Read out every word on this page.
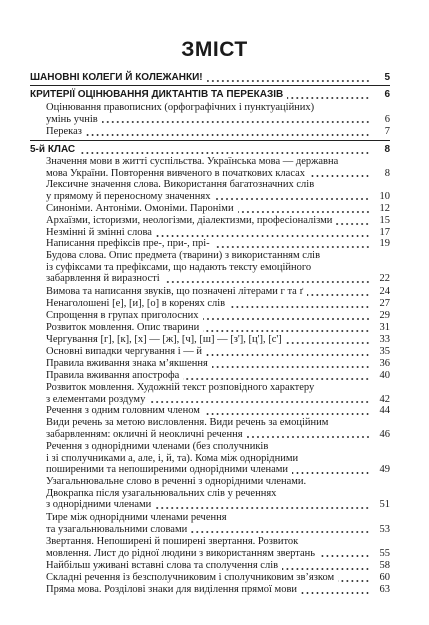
ЗМІСТ
ШАНОВНІ КОЛЕГИ Й КОЛЕЖАНКИ!	5
КРИТЕРІЇ ОЦІНЮВАННЯ ДИКТАНТІВ ТА ПЕРЕКАЗІВ	6
Оцінювання правописних (орфографічних і пунктуаційних)
умінь учнів	6
Переказ	7
5-й КЛАС	8
Значення мови в житті суспільства. Українська мова — державна
мова України. Повторення вивченого в початкових класах	8
Лексичне значення слова. Використання багатозначних слів
у прямому й переносному значеннях	10
Синоніми. Антоніми. Омоніми. Пароніми	12
Архаїзми, історизми, неологізми, діалектизми, професіоналізми	15
Незмінні й змінні слова	17
Написання префіксів пре-, при-, прі-	19
Будова слова. Опис предмета (тварини) з використанням слів
із суфіксами та префіксами, що надають тексту емоційного
забарвлення й виразності	22
Вимова та написання звуків, що позначені літерами г та ґ	24
Ненаголошені [е], [и], [о] в коренях слів	27
Спрощення в групах приголосних	29
Розвиток мовлення. Опис тварини	31
Чергування [г], [к], [х] — [ж], [ч], [ш] — [з'], [ц'], [с']	33
Основні випадки чергування і — й	35
Правила вживання знака м’якшення	36
Правила вживання апострофа	40
Розвиток мовлення. Художній текст розповідного характеру
з елементами роздуму	42
Речення з одним головним членом	44
Види речень за метою висловлення. Види речень за емоційним
забарвленням: окличні й неокличні речення	46
Речення з однорідними членами (без сполучників
і зі сполучниками а, але, і, й, та). Кома між однорідними
поширеними та непоширеними однорідними членами	49
Узагальнювальне слово в реченні з однорідними членами.
Двокрапка після узагальнювальних слів у реченнях
з однорідними членами	51
Тире між однорідними членами речення
та узагальнювальними словами	53
Звертання. Непоширені й поширені звертання. Розвиток
мовлення. Лист до рідної людини з використанням звертань	55
Найбільш уживані вставні слова та сполучення слів	58
Складні речення із безсполучниковим і сполучниковим зв’язком	60
Пряма мова. Розділові знаки для виділення прямої мови	63
